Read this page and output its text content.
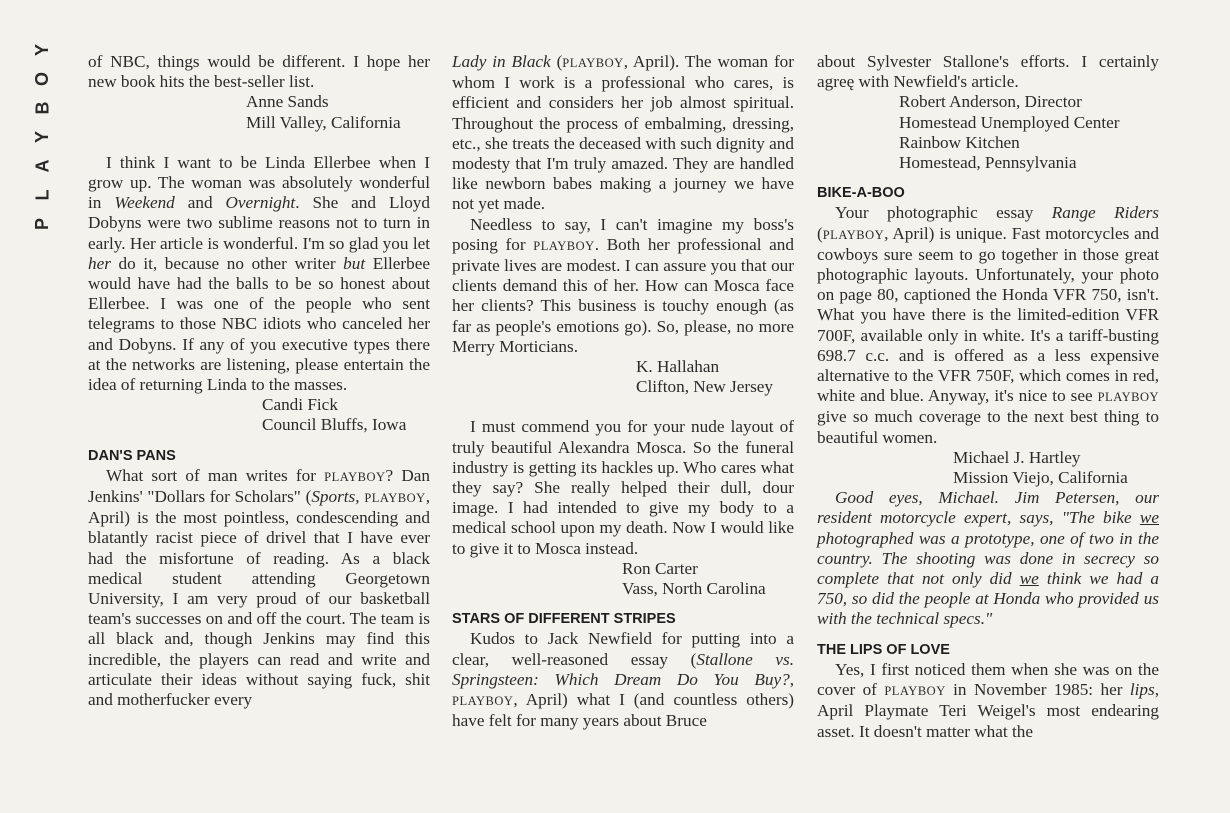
Y
O
B
Y
A
L
P

of NBC, things would be different. I hope her new book hits the best-seller list.

Anne Sands

Mill Valley, California

I think I want to be Linda Ellerbee when I grow up. The woman was absolutely wonderful in Weekend and Overnight. She and Lloyd Dobyns were two sublime reasons not to turn in early. Her article is wonderful. I'm so glad you let her do it, because no other writer but Ellerbee would have had the balls to be so honest about Ellerbee. I was one of the people who sent telegrams to those NBC idiots who canceled her and Dobyns. If any of you executive types there at the networks are listening, please entertain the idea of returning Linda to the masses.

Candi Fick

Council Bluffs, Iowa

DAN'S PANS

What sort of man writes for PLAYBOY? Dan Jenkins' "Dollars for Scholars" (Sports, PLAYBOY, April) is the most pointless, condescending and blatantly racist piece of drivel that I have ever had the misfortune of reading. As a black medical student attending Georgetown University, I am very proud of our basketball team's successes on and off the court. The team is all black and, though Jenkins may find this incredible, the players can read and write and articulate their ideas without saying fuck, shit and motherfucker every

Lady in Black (PLAYBOY, April). The woman for whom I work is a professional who cares, is efficient and considers her job almost spiritual. Throughout the process of embalming, dressing, etc., she treats the deceased with such dignity and modesty that I'm truly amazed. They are handled like newborn babes making a journey we have not yet made.

Needless to say, I can't imagine my boss's posing for PLAYBOY. Both her professional and private lives are modest. I can assure you that our clients demand this of her. How can Mosca face her clients? This business is touchy enough (as far as people's emotions go). So, please, no more Merry Morticians.

K. Hallahan

Clifton, New Jersey

I must commend you for your nude layout of truly beautiful Alexandra Mosca. So the funeral industry is getting its hackles up. Who cares what they say? She really helped their dull, dour image. I had intended to give my body to a medical school upon my death. Now I would like to give it to Mosca instead.

Ron Carter

Vass, North Carolina

STARS OF DIFFERENT STRIPES

Kudos to Jack Newfield for putting into a clear, well-reasoned essay (Stallone vs. Springsteen: Which Dream Do You Buy?, PLAYBOY, April) what I (and countless others) have felt for many years about Bruce

about Sylvester Stallone's efforts. I certainly agreę with Newfield's article.

Robert Anderson, Director

Homestead Unemployed Center

Rainbow Kitchen

Homestead, Pennsylvania

BIKE-A-BOO

Your photographic essay Range Riders (PLAYBOY, April) is unique. Fast motorcycles and cowboys sure seem to go together in those great photographic layouts. Unfortunately, your photo on page 80, captioned the Honda VFR 750, isn't. What you have there is the limited-edition VFR 700F, available only in white. It's a tariff-busting 698.7 c.c. and is offered as a less expensive alternative to the VFR 750F, which comes in red, white and blue. Anyway, it's nice to see PLAYBOY give so much coverage to the next best thing to beautiful women.

Michael J. Hartley

Mission Viejo, California

Good eyes, Michael. Jim Petersen, our resident motorcycle expert, says, "The bike we photographed was a prototype, one of two in the country. The shooting was done in secrecy so complete that not only did we think we had a 750, so did the people at Honda who provided us with the technical specs."

THE LIPS OF LOVE

Yes, I first noticed them when she was on the cover of PLAYBOY in November 1985: her lips, April Playmate Teri Weigel's most endearing asset. It doesn't matter what the
